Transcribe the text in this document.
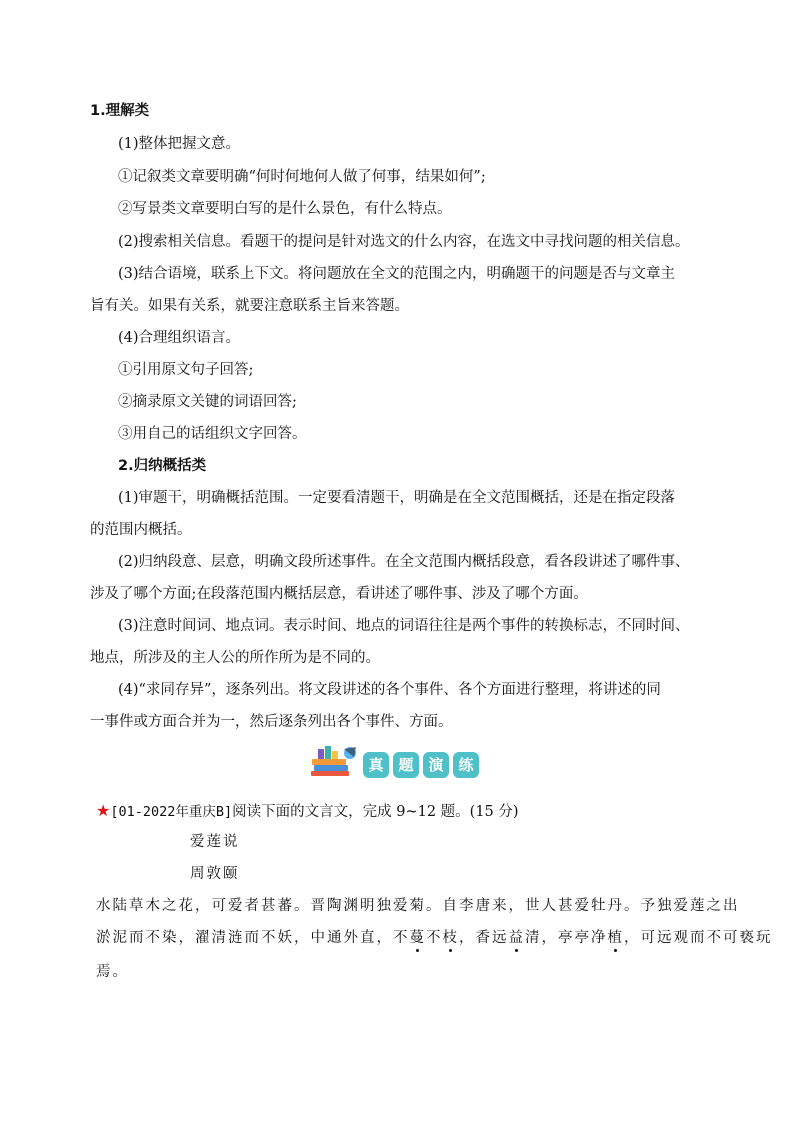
1.理解类
(1)整体把握文意。
①记叙类文章要明确“何时何地何人做了何事，结果如何”;
②写景类文章要明白写的是什么景色，有什么特点。
(2)搜索相关信息。看题干的提问是针对选文的什么内容，在选文中寻找问题的相关信息。
(3)结合语境，联系上下文。将问题放在全文的范围之内，明确题干的问题是否与文章主
旨有关。如果有关系，就要注意联系主旨来答题。
(4)合理组织语言。
①引用原文句子回答;
②摘录原文关键的词语回答;
③用自己的话组织文字回答。
2.归纳概括类
(1)审题干，明确概括范围。一定要看清题干，明确是在全文范围概括，还是在指定段落
的范围内概括。
(2)归纳段意、层意，明确文段所述事件。在全文范围内概括段意，看各段讲述了哪件事、
涉及了哪个方面;在段落范围内概括层意，看讲述了哪件事、涉及了哪个方面。
(3)注意时间词、地点词。表示时间、地点的词语往往是两个事件的转换标志，不同时间、
地点，所涉及的主人公的所作所为是不同的。
(4)“求同存异”，逐条列出。将文段讲述的各个事件、各个方面进行整理，将讲述的同
一事件或方面合并为一，然后逐条列出各个事件、方面。
真 题 演 练
★[01-2022年重庆B]阅读下面的文言文，完成 9~12 题。(15 分)
爱莲说
周敦颐
水陆草木之花，可爱者甚蕃。晋陶渊明独爱菊。自李唐来，世人甚爱牡丹。予独爱莲之出
淤泥而不染，濯清涟而不妖，中通外直，不蔓不枝，香远益清，亭亭净植，可远观而不可亵玩
焉。
